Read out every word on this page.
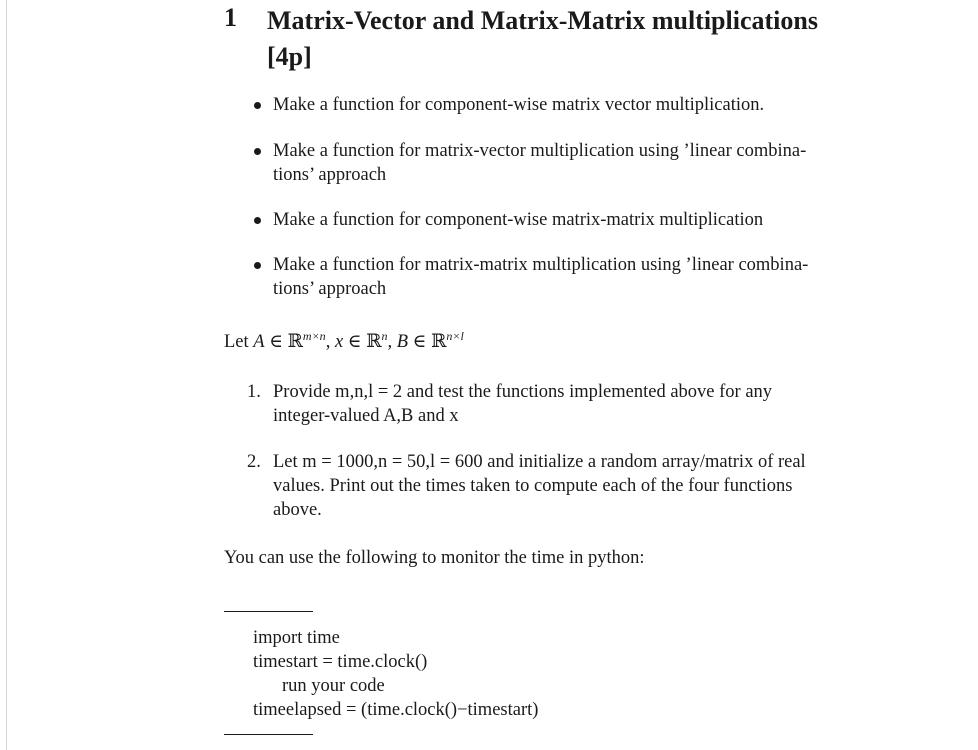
1 Matrix-Vector and Matrix-Matrix multiplications
[4p]
Make a function for component-wise matrix vector multiplication.
Make a function for matrix-vector multiplication using ’linear combina-
tions’ approach
Make a function for component-wise matrix-matrix multiplication
Make a function for matrix-matrix multiplication using ’linear combina-
tions’ approach
Let A ∈ ℝ$^{m\times n}$, x ∈ ℝ$^n$, B ∈ ℝ$^{n\times l}$
1. Provide m,n,l = 2 and test the functions implemented above for any
integer-valued A,B and x
2. Let m = 1000,n = 50,l = 600 and initialize a random array/matrix of real
values. Print out the times taken to compute each of the four functions
above.
You can use the following to monitor the time in python:
import time
timestart = time.clock()
run your code
timeelapsed = (time.clock()−timestart)
